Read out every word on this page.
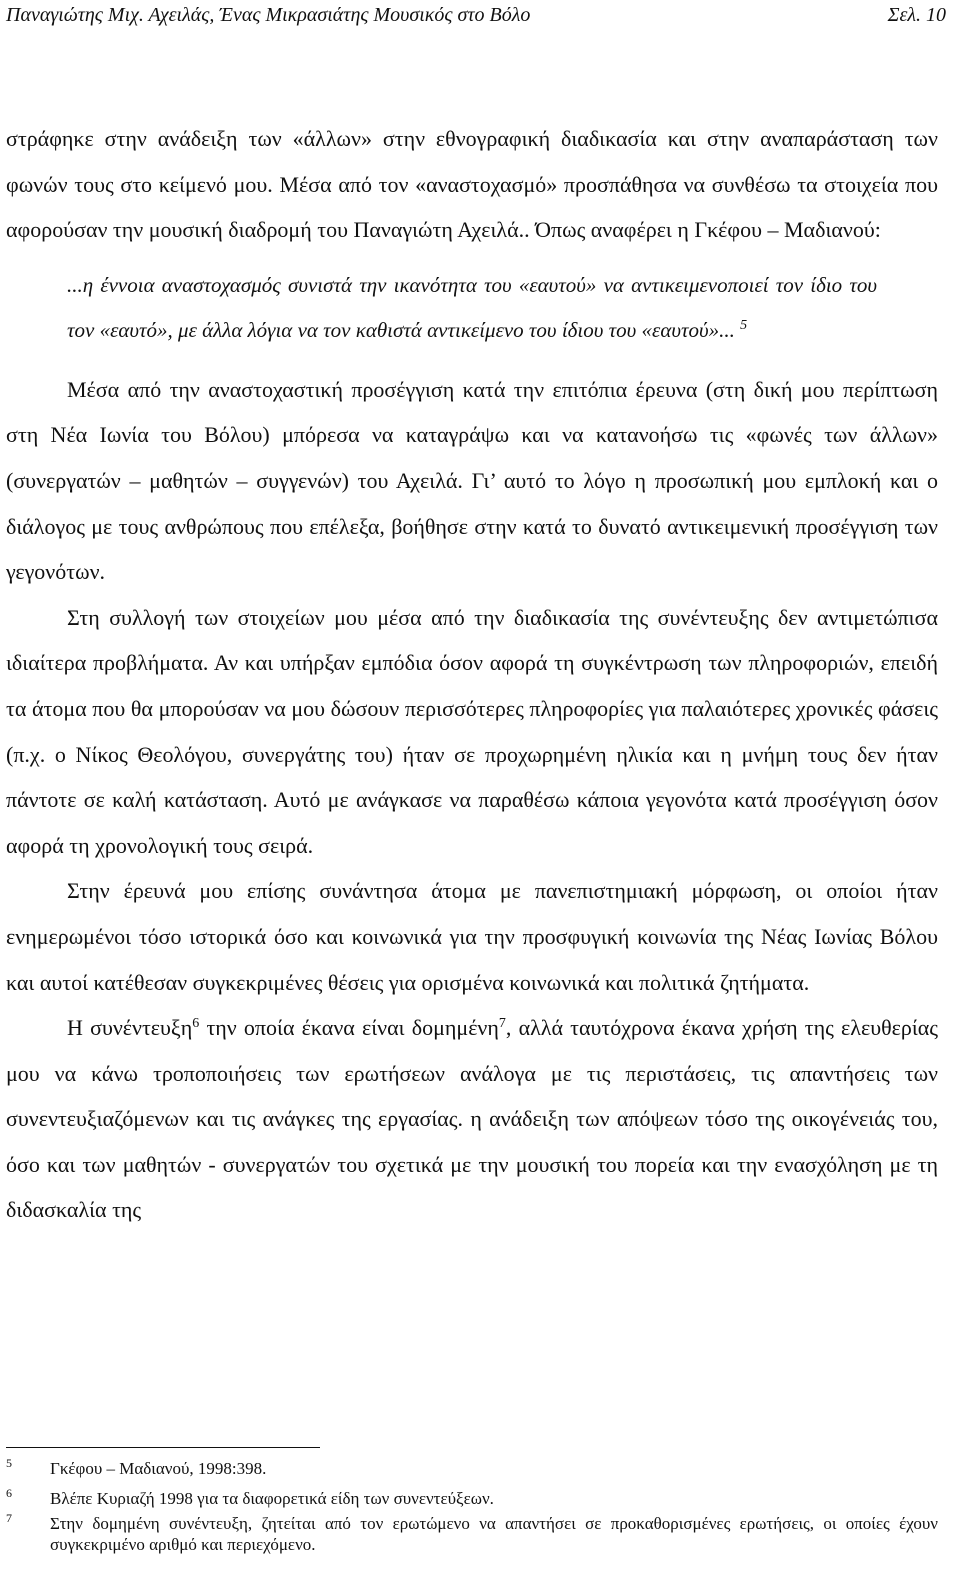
Παναγιώτης Μιχ. Αχειλάς, Ένας Μικρασιάτης Μουσικός στο Βόλο	Σελ. 10

στράφηκε στην ανάδειξη των «άλλων» στην εθνογραφική διαδικασία και στην αναπαράσταση των φωνών τους στο κείμενό μου. Μέσα από τον «αναστοχασμό» προσπάθησα να συνθέσω τα στοιχεία που αφορούσαν την μουσική διαδρομή του Παναγιώτη Αχειλά.. Όπως αναφέρει η Γκέφου – Μαδιανού:

...η έννοια αναστοχασμός συνιστά την ικανότητα του «εαυτού» να αντικειμενοποιεί τον ίδιο του τον «εαυτό», με άλλα λόγια να τον καθιστά αντικείμενο του ίδιου του «εαυτού»... $^5$

Μέσα από την αναστοχαστική προσέγγιση κατά την επιτόπια έρευνα (στη δική μου περίπτωση στη Νέα Ιωνία του Βόλου) μπόρεσα να καταγράψω και να κατανοήσω τις «φωνές των άλλων» (συνεργατών – μαθητών – συγγενών) του Αχειλά. Γι’ αυτό το λόγο η προσωπική μου εμπλοκή και ο διάλογος με τους ανθρώπους που επέλεξα, βοήθησε στην κατά το δυνατό αντικειμενική προσέγγιση των γεγονότων.

Στη συλλογή των στοιχείων μου μέσα από την διαδικασία της συνέντευξης δεν αντιμετώπισα ιδιαίτερα προβλήματα. Αν και υπήρξαν εμπόδια όσον αφορά τη συγκέντρωση των πληροφοριών, επειδή τα άτομα που θα μπορούσαν να μου δώσουν περισσότερες πληροφορίες για παλαιότερες χρονικές φάσεις (π.χ. ο Νίκος Θεολόγου, συνεργάτης του) ήταν σε προχωρημένη ηλικία και η μνήμη τους δεν ήταν πάντοτε σε καλή κατάσταση. Αυτό με ανάγκασε να παραθέσω κάποια γεγονότα κατά προσέγγιση όσον αφορά τη χρονολογική τους σειρά.

Στην έρευνά μου επίσης συνάντησα άτομα με πανεπιστημιακή μόρφωση, οι οποίοι ήταν ενημερωμένοι τόσο ιστορικά όσο και κοινωνικά για την προσφυγική κοινωνία της Νέας Ιωνίας Βόλου και αυτοί κατέθεσαν συγκεκριμένες θέσεις για ορισμένα κοινωνικά και πολιτικά ζητήματα.

Η συνέντευξη$^6$ την οποία έκανα είναι δομημένη$^7$, αλλά ταυτόχρονα έκανα χρήση της ελευθερίας μου να κάνω τροποποιήσεις των ερωτήσεων ανάλογα με τις περιστάσεις, τις απαντήσεις των συνεντευξιαζόμενων και τις ανάγκες της εργασίας. η ανάδειξη των απόψεων τόσο της οικογένειάς του, όσο και των μαθητών - συνεργατών του σχετικά με την μουσική του πορεία και την ενασχόληση με τη διδασκαλία της

5	Γκέφου – Μαδιανού, 1998:398.

6	Βλέπε Κυριαζή 1998 για τα διαφορετικά είδη των συνεντεύξεων.

7	Στην δομημένη συνέντευξη, ζητείται από τον ερωτώμενο να απαντήσει σε προκαθορισμένες ερωτήσεις, οι οποίες έχουν συγκεκριμένο αριθμό και περιεχόμενο.
